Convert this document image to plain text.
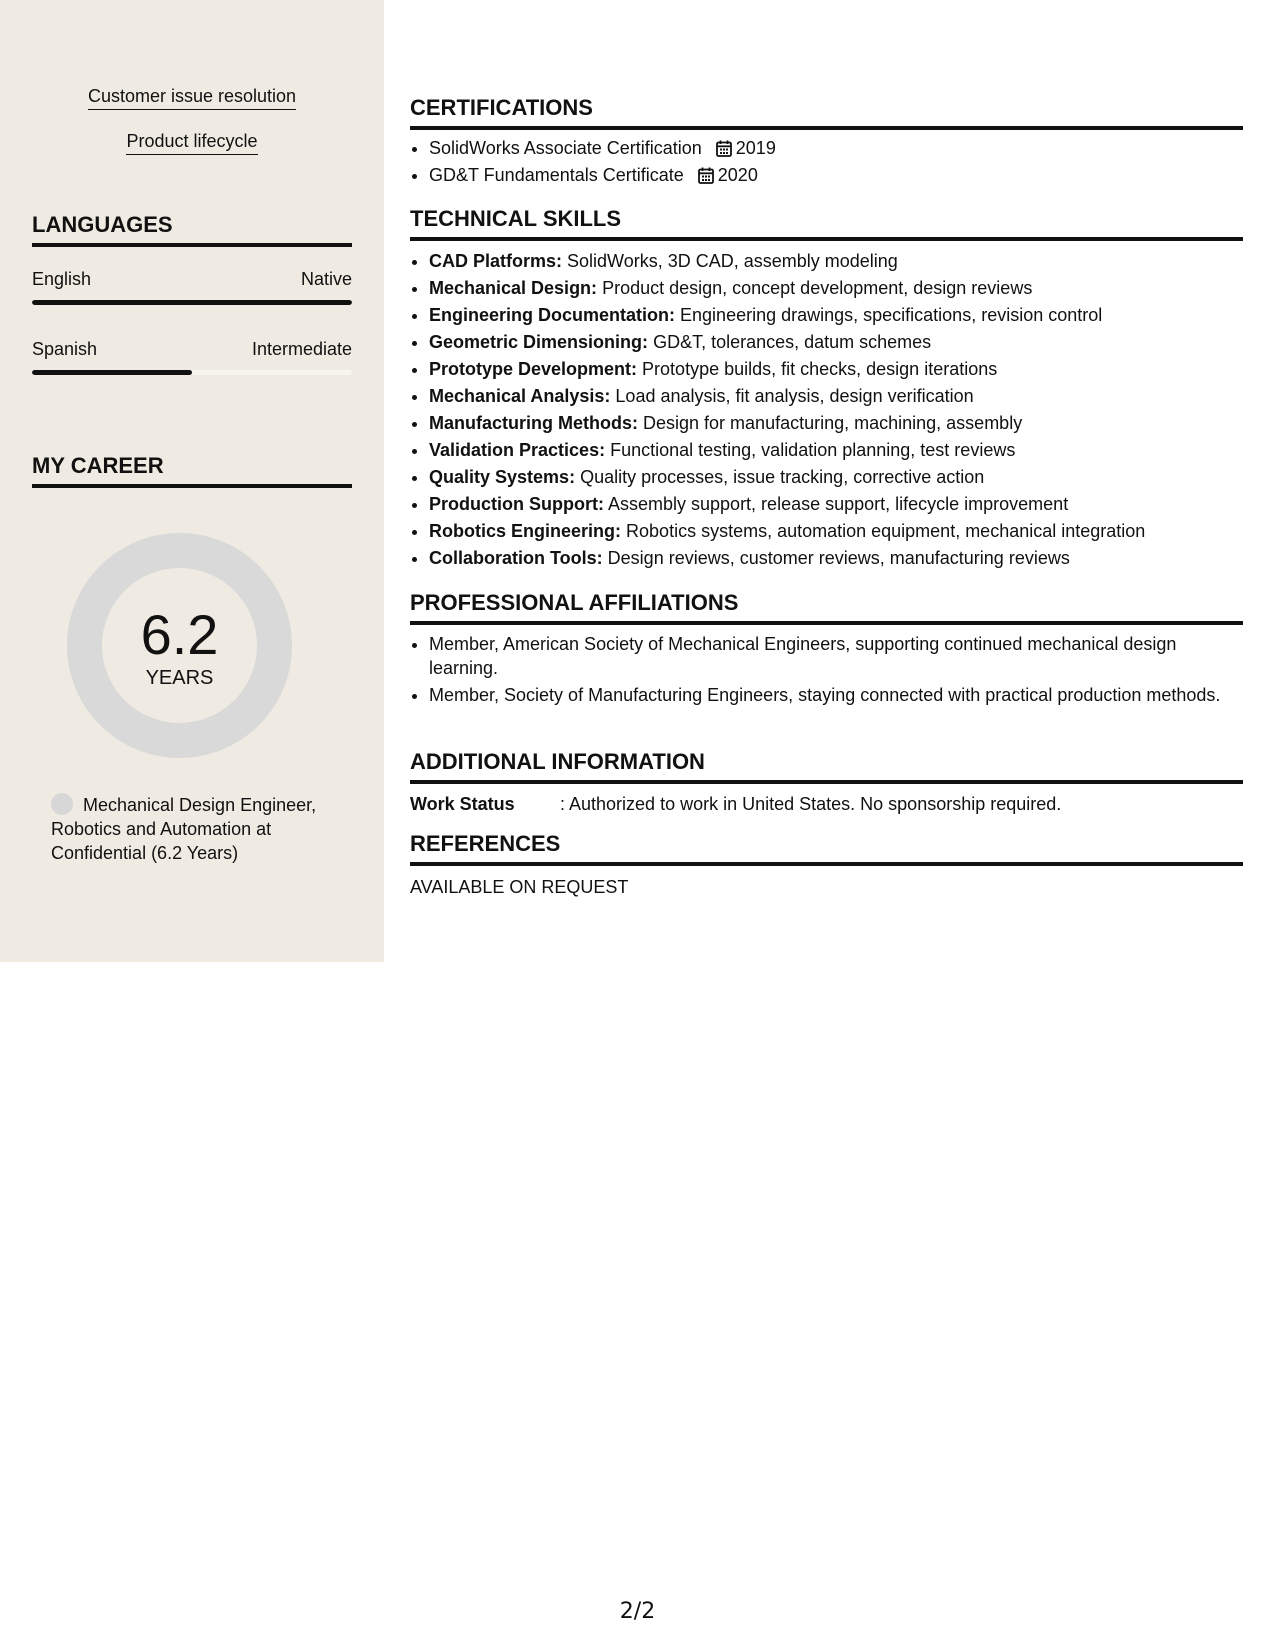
Customer issue resolution
Product lifecycle
LANGUAGES
English	Native
Spanish	Intermediate
MY CAREER
6.2
YEARS
Mechanical Design Engineer, Robotics and Automation at Confidential (6.2 Years)
CERTIFICATIONS
• SolidWorks Associate Certification 2019
• GD&T Fundamentals Certificate 2020
TECHNICAL SKILLS
• CAD Platforms: SolidWorks, 3D CAD, assembly modeling
• Mechanical Design: Product design, concept development, design reviews
• Engineering Documentation: Engineering drawings, specifications, revision control
• Geometric Dimensioning: GD&T, tolerances, datum schemes
• Prototype Development: Prototype builds, fit checks, design iterations
• Mechanical Analysis: Load analysis, fit analysis, design verification
• Manufacturing Methods: Design for manufacturing, machining, assembly
• Validation Practices: Functional testing, validation planning, test reviews
• Quality Systems: Quality processes, issue tracking, corrective action
• Production Support: Assembly support, release support, lifecycle improvement
• Robotics Engineering: Robotics systems, automation equipment, mechanical integration
• Collaboration Tools: Design reviews, customer reviews, manufacturing reviews
PROFESSIONAL AFFILIATIONS
• Member, American Society of Mechanical Engineers, supporting continued mechanical design learning.
• Member, Society of Manufacturing Engineers, staying connected with practical production methods.
ADDITIONAL INFORMATION
Work Status	: Authorized to work in United States. No sponsorship required.
REFERENCES
AVAILABLE ON REQUEST
2/2
